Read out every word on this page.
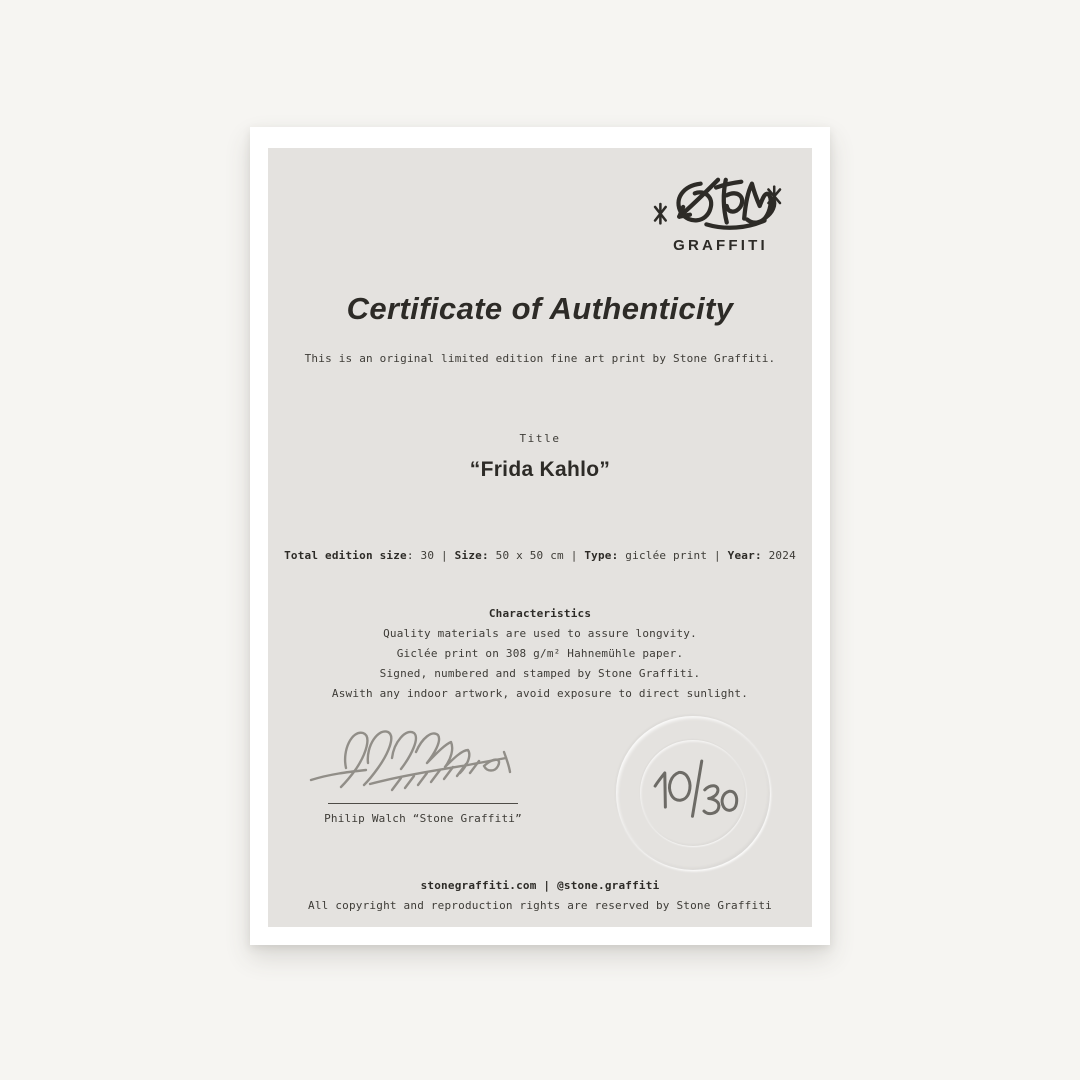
GRAFFITI
Certificate of Authenticity
This is an original limited edition fine art print by Stone Graffiti.
Title
“Frida Kahlo”
Total edition size: 30 | Size: 50 x 50 cm | Type: giclée print | Year: 2024
Characteristics
Quality materials are used to assure longvity.
Giclée print on 308 g/m² Hahnemühle paper.
Signed, numbered and stamped by Stone Graffiti.
Aswith any indoor artwork, avoid exposure to direct sunlight.
Philip Walch “Stone Graffiti”
stonegraffiti.com | @stone.graffiti
All copyright and reproduction rights are reserved by Stone Graffiti
